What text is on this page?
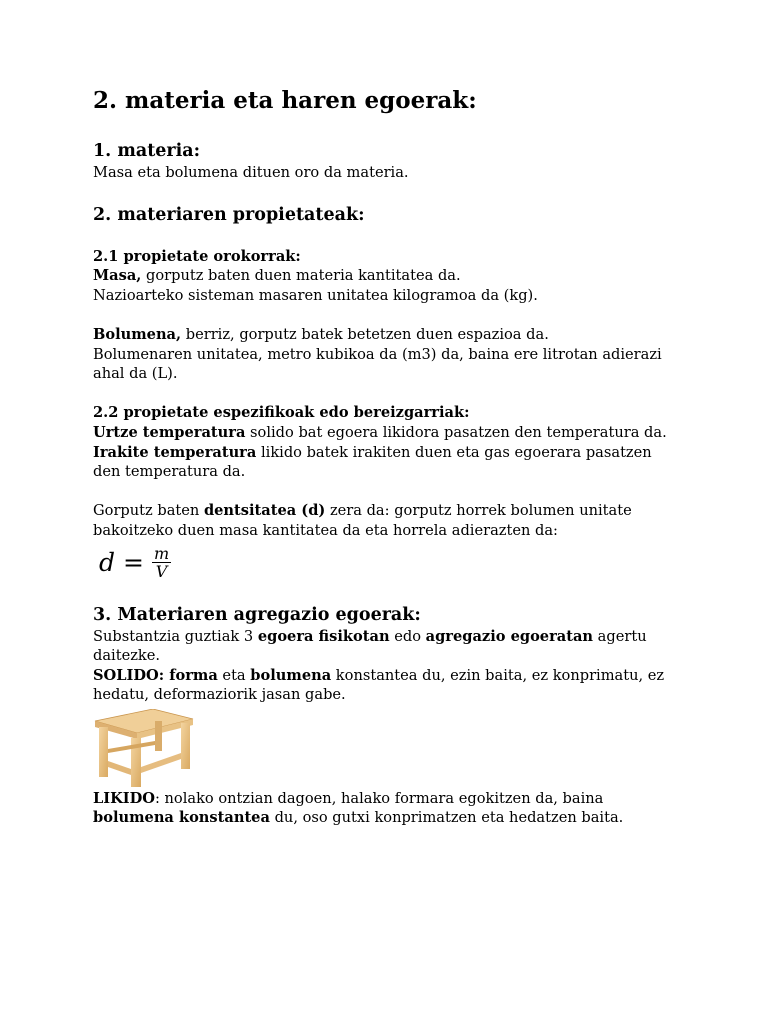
2. materia eta haren egoerak:
1. materia:

Masa eta bolumena dituen oro da materia.

2. materiaren propietateak:

2.1 propietate orokorrak:

Masa, gorputz baten duen materia kantitatea da.

Nazioarteko sisteman masaren unitatea kilogramoa da (kg).

Bolumena, berriz, gorputz batek betetzen duen espazioa da.

Bolumenaren unitatea, metro kubikoa da (m3) da, baina ere litrotan adierazi ahal da (L).

2.2 propietate espezifikoak edo bereizgarriak:

Urtze temperatura solido bat egoera likidora pasatzen den temperatura da.

Irakite temperatura likido batek irakiten duen eta gas egoerara pasatzen den temperatura da.

Gorputz baten dentsitatea (d) zera da: gorputz horrek bolumen unitate bakoitzeko duen masa kantitatea da eta horrela adierazten da:

$d = \frac{m}{V}$
3. Materiaren agregazio egoerak:

Substantzia guztiak 3 egoera fisikotan edo agregazio egoeratan agertu daitezke.

SOLIDO: forma eta bolumena konstantea du, ezin baita, ez konprimatu, ez hedatu, deformaziorik jasan gabe.

LIKIDO: nolako ontzian dagoen, halako formara egokitzen da, baina bolumena konstantea du, oso gutxi konprimatzen eta hedatzen baita.
